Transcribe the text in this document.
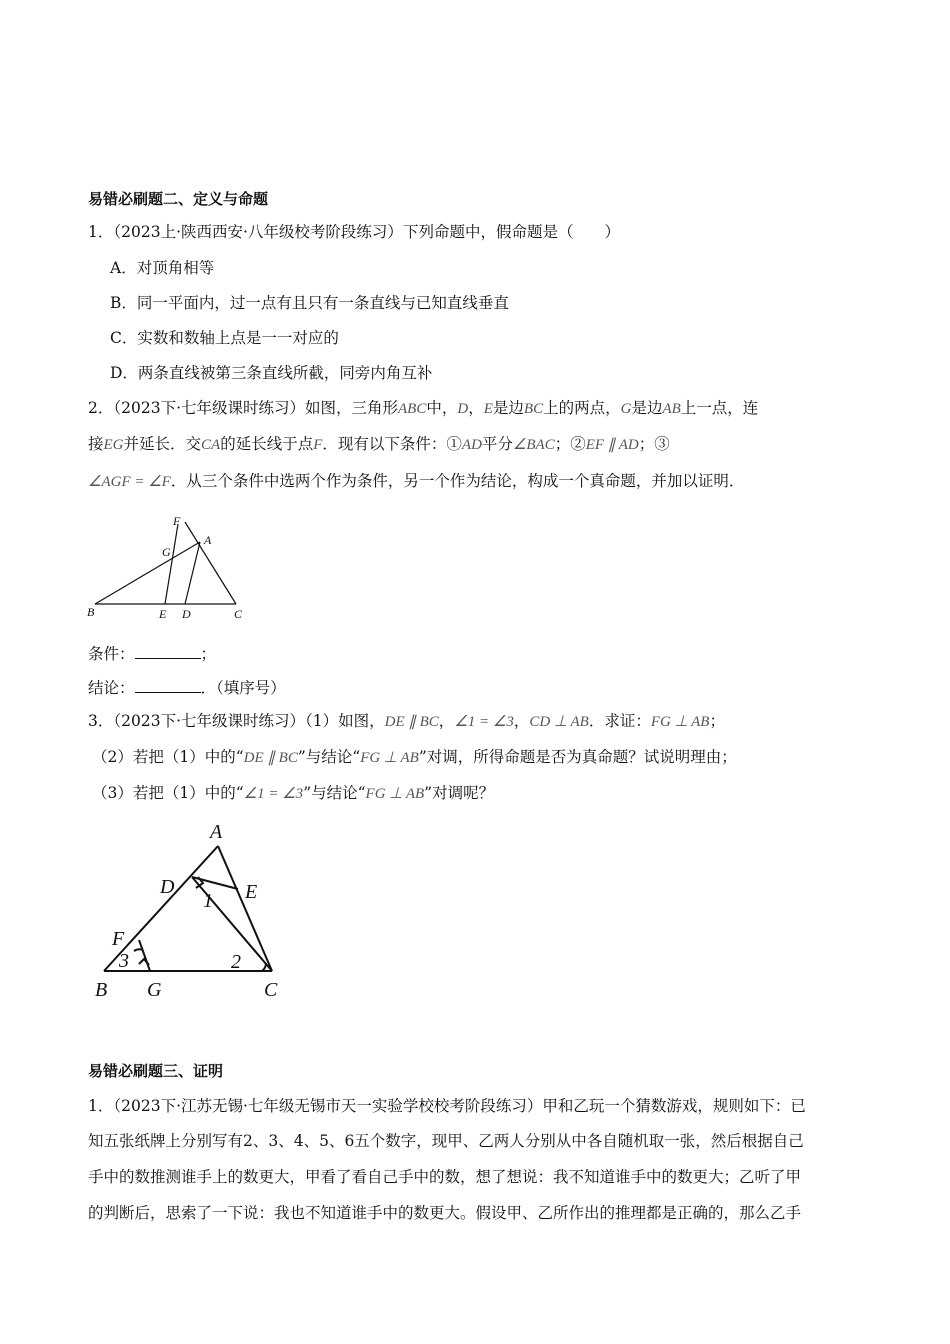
易错必刷题二、定义与命题
1．（2023上·陕西西安·八年级校考阶段练习）下列命题中，假命题是（　　）
A．对顶角相等
B．同一平面内，过一点有且只有一条直线与已知直线垂直
C．实数和数轴上点是一一对应的
D．两条直线被第三条直线所截，同旁内角互补
2．（2023下·七年级课时练习）如图，三角形ABC中，D，E是边BC上的两点，G是边AB上一点，连
接EG并延长．交CA的延长线于点F．现有以下条件：①AD平分∠BAC；②EF ∥ AD；③
∠AGF = ∠F．从三个条件中选两个作为条件，另一个作为结论，构成一个真命题，并加以证明．
F
G
A
B	E D	C
条件：	；
结论：	．（填序号）
3．（2023下·七年级课时练习）（1）如图，DE ∥ BC，∠1 = ∠3，CD ⊥ AB．求证：FG ⊥ AB；
（2）若把（1）中的“DE ∥ BC”与结论“FG ⊥ AB”对调，所得命题是否为真命题？试说明理由；
（3）若把（1）中的“∠1 = ∠3”与结论“FG ⊥ AB”对调呢？
A
D	E
F
B G	C
1
2
3
易错必刷题三、证明
1．（2023下·江苏无锡·七年级无锡市天一实验学校校考阶段练习）甲和乙玩一个猜数游戏，规则如下：已
知五张纸牌上分别写有2、3、4、5、6五个数字，现甲、乙两人分别从中各自随机取一张，然后根据自己
手中的数推测谁手上的数更大，甲看了看自己手中的数，想了想说：我不知道谁手中的数更大；乙听了甲
的判断后，思索了一下说：我也不知道谁手中的数更大。假设甲、乙所作出的推理都是正确的，那么乙手
